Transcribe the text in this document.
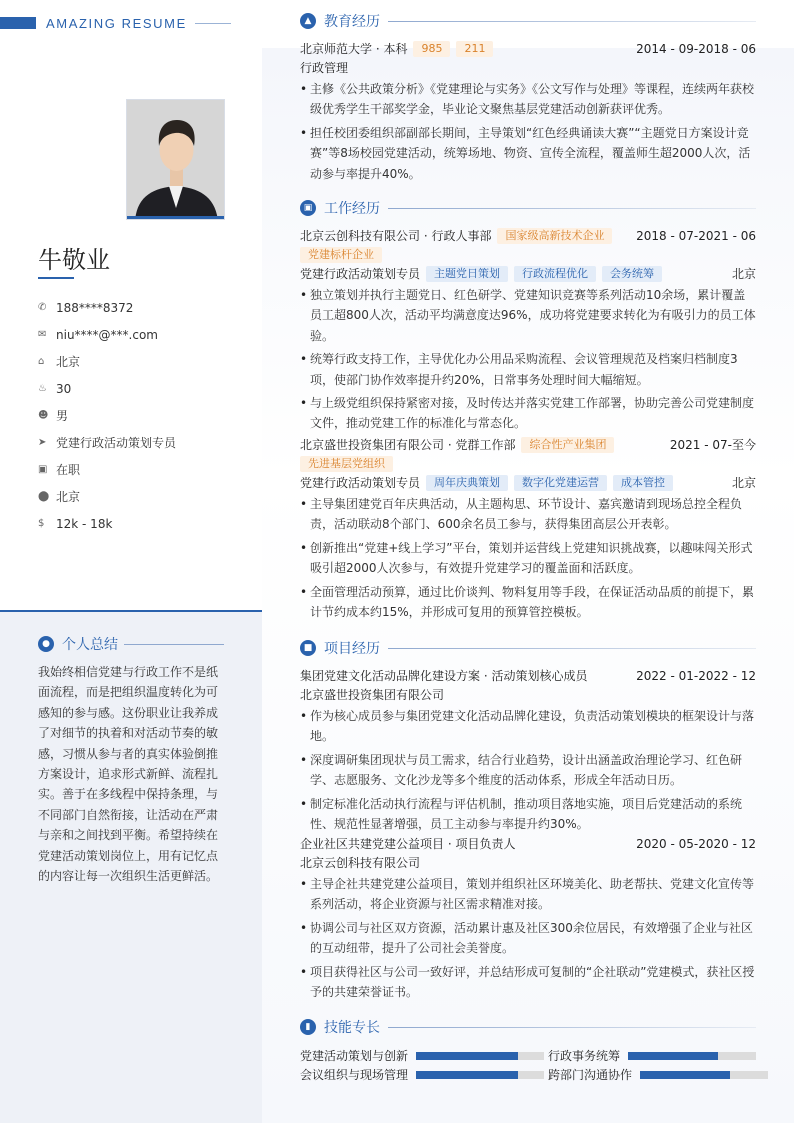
AMAZING RESUME
牛敬业
✆ 188****8372
✉ niu****@***.com
⌂ 北京
♨ 30
☻ 男
➤ 党建行政活动策划专员
▣ 在职
⬤ 北京
$ 12k - 18k
● 个人总结
我始终相信党建与行政工作不是纸面流程，而是把组织温度转化为可感知的参与感。这份职业让我养成了对细节的执着和对活动节奏的敏感，习惯从参与者的真实体验倒推方案设计，追求形式新鲜、流程扎实。善于在多线程中保持条理，与不同部门自然衔接，让活动在严肃与亲和之间找到平衡。希望持续在党建活动策划岗位上，用有记忆点的内容让每一次组织生活更鲜活。
▲ 教育经历
北京师范大学 · 本科	985	211	2014 - 09-2018 - 06
行政管理
• 主修《公共政策分析》《党建理论与实务》《公文写作与处理》等课程，连续两年获校级优秀学生干部奖学金，毕业论文聚焦基层党建活动创新获评优秀。
• 担任校团委组织部副部长期间，主导策划“红色经典诵读大赛”“主题党日方案设计竞赛”等8场校园党建活动，统筹场地、物资、宣传全流程，覆盖师生超2000人次，活动参与率提升40%。
▣ 工作经历
北京云创科技有限公司 · 行政人事部	国家级高新技术企业	2018 - 07-2021 - 06
党建标杆企业
党建行政活动策划专员	主题党日策划	行政流程优化	会务统筹	北京
• 独立策划并执行主题党日、红色研学、党建知识竞赛等系列活动10余场，累计覆盖员工超800人次，活动平均满意度达96%，成功将党建要求转化为有吸引力的员工体验。
• 统筹行政支持工作，主导优化办公用品采购流程、会议管理规范及档案归档制度3项，使部门协作效率提升约20%，日常事务处理时间大幅缩短。
• 与上级党组织保持紧密对接，及时传达并落实党建工作部署，协助完善公司党建制度文件，推动党建工作的标准化与常态化。
北京盛世投资集团有限公司 · 党群工作部	综合性产业集团	2021 - 07-至今
先进基层党组织
党建行政活动策划专员	周年庆典策划	数字化党建运营	成本管控	北京
• 主导集团建党百年庆典活动，从主题构思、环节设计、嘉宾邀请到现场总控全程负责，活动联动8个部门、600余名员工参与，获得集团高层公开表彰。
• 创新推出“党建+线上学习”平台，策划并运营线上党建知识挑战赛，以趣味闯关形式吸引超2000人次参与，有效提升党建学习的覆盖面和活跃度。
• 全面管理活动预算，通过比价谈判、物料复用等手段，在保证活动品质的前提下，累计节约成本约15%，并形成可复用的预算管控模板。
■ 项目经历
集团党建文化活动品牌化建设方案 · 活动策划核心成员	2022 - 01-2022 - 12
北京盛世投资集团有限公司
• 作为核心成员参与集团党建文化活动品牌化建设，负责活动策划模块的框架设计与落地。
• 深度调研集团现状与员工需求，结合行业趋势，设计出涵盖政治理论学习、红色研学、志愿服务、文化沙龙等多个维度的活动体系，形成全年活动日历。
• 制定标准化活动执行流程与评估机制，推动项目落地实施，项目后党建活动的系统性、规范性显著增强，员工主动参与率提升约30%。
企业社区共建党建公益项目 · 项目负责人	2020 - 05-2020 - 12
北京云创科技有限公司
• 主导企社共建党建公益项目，策划并组织社区环境美化、助老帮扶、党建文化宣传等系列活动，将企业资源与社区需求精准对接。
• 协调公司与社区双方资源，活动累计惠及社区300余位居民，有效增强了企业与社区的互动纽带，提升了公司社会美誉度。
• 项目获得社区与公司一致好评，并总结形成可复制的“企社联动”党建模式，获社区授予的共建荣誉证书。
▮ 技能专长
党建活动策划与创新	行政事务统筹
会议组织与现场管理	跨部门沟通协作
